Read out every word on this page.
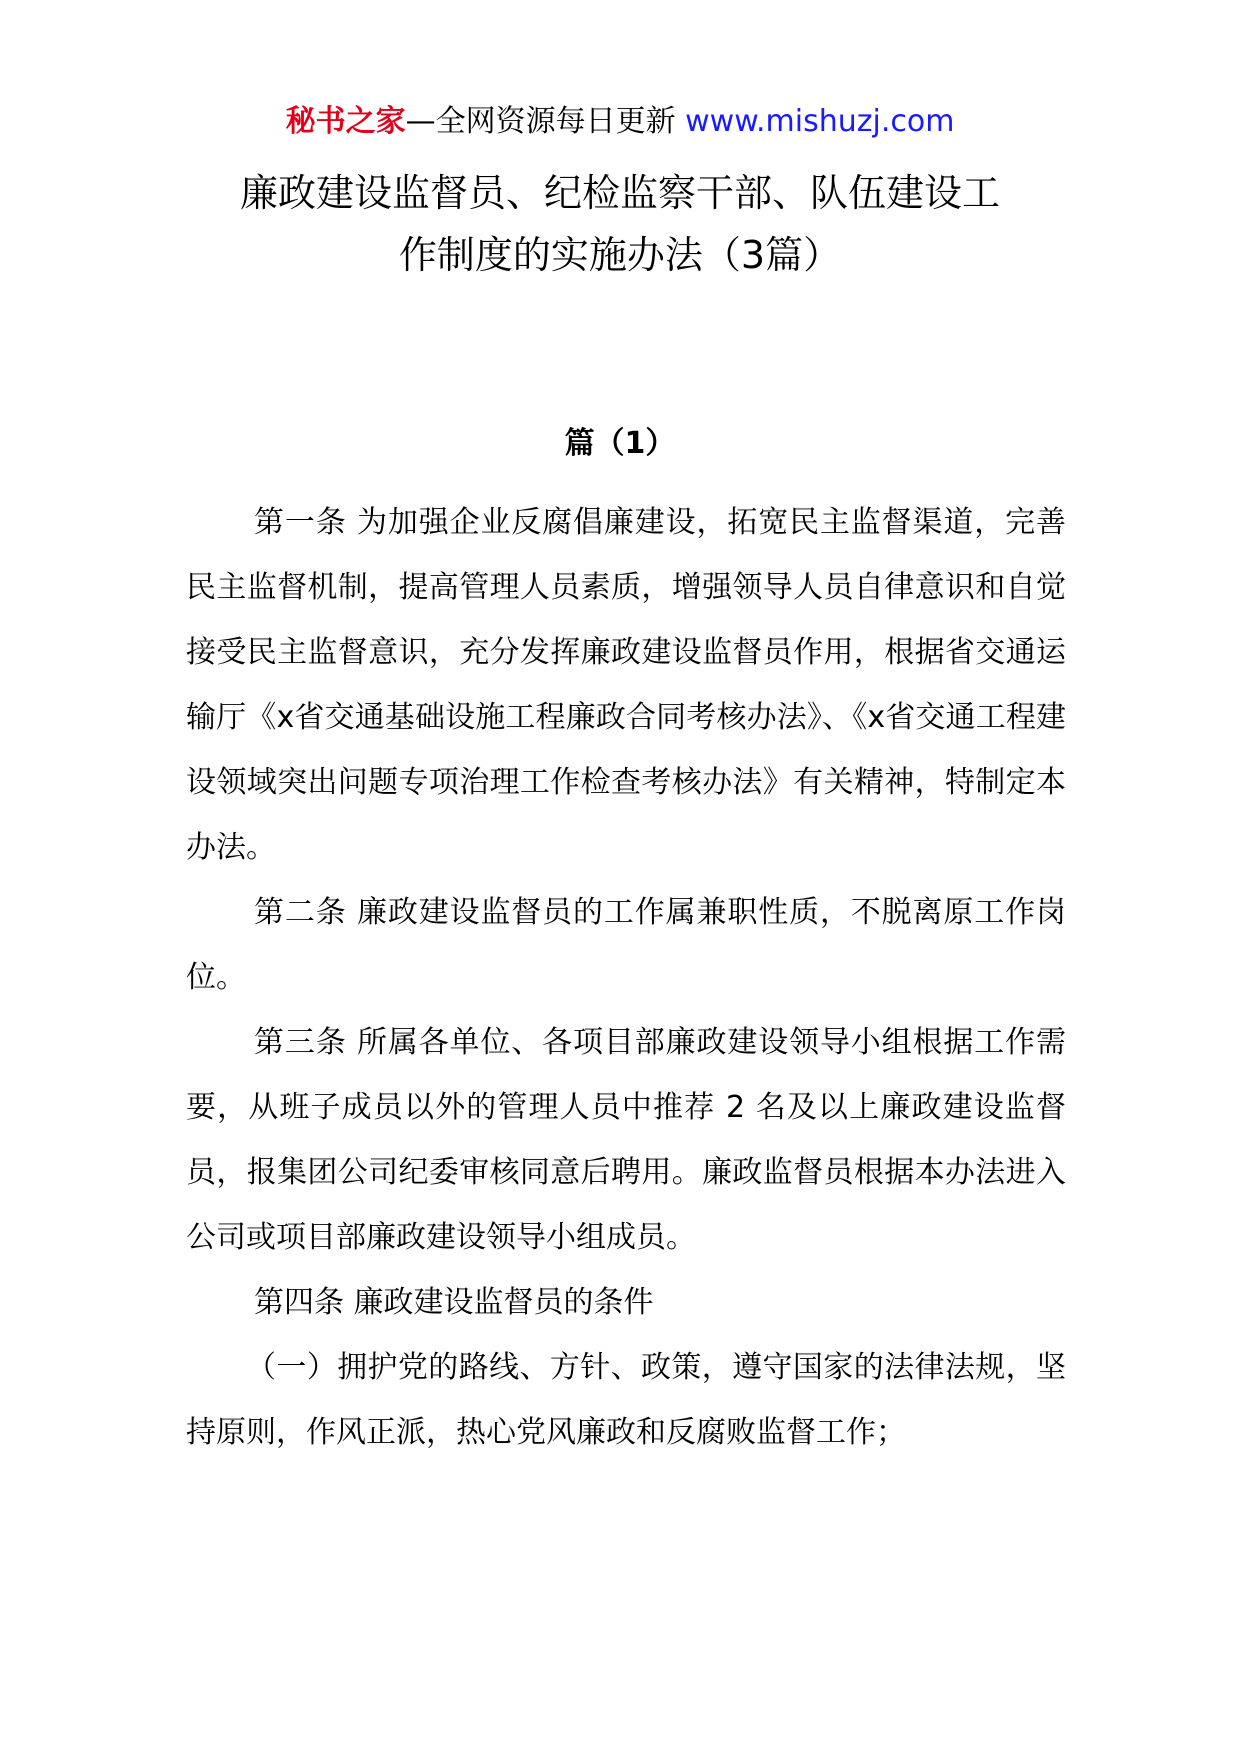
秘书之家—全网资源每日更新 www.mishuzj.com
廉政建设监督员、纪检监察干部、队伍建设工
作制度的实施办法（3篇）
篇（1）

第一条 为加强企业反腐倡廉建设，拓宽民主监督渠道，完善民主监督机制，提高管理人员素质，增强领导人员自律意识和自觉接受民主监督意识，充分发挥廉政建设监督员作用，根据省交通运输厅《x省交通基础设施工程廉政合同考核办法》、《x省交通工程建设领域突出问题专项治理工作检查考核办法》有关精神，特制定本办法。

第二条 廉政建设监督员的工作属兼职性质，不脱离原工作岗位。

第三条 所属各单位、各项目部廉政建设领导小组根据工作需要，从班子成员以外的管理人员中推荐 2 名及以上廉政建设监督员，报集团公司纪委审核同意后聘用。廉政监督员根据本办法进入公司或项目部廉政建设领导小组成员。

第四条 廉政建设监督员的条件

（一）拥护党的路线、方针、政策，遵守国家的法律法规，坚持原则，作风正派，热心党风廉政和反腐败监督工作；
